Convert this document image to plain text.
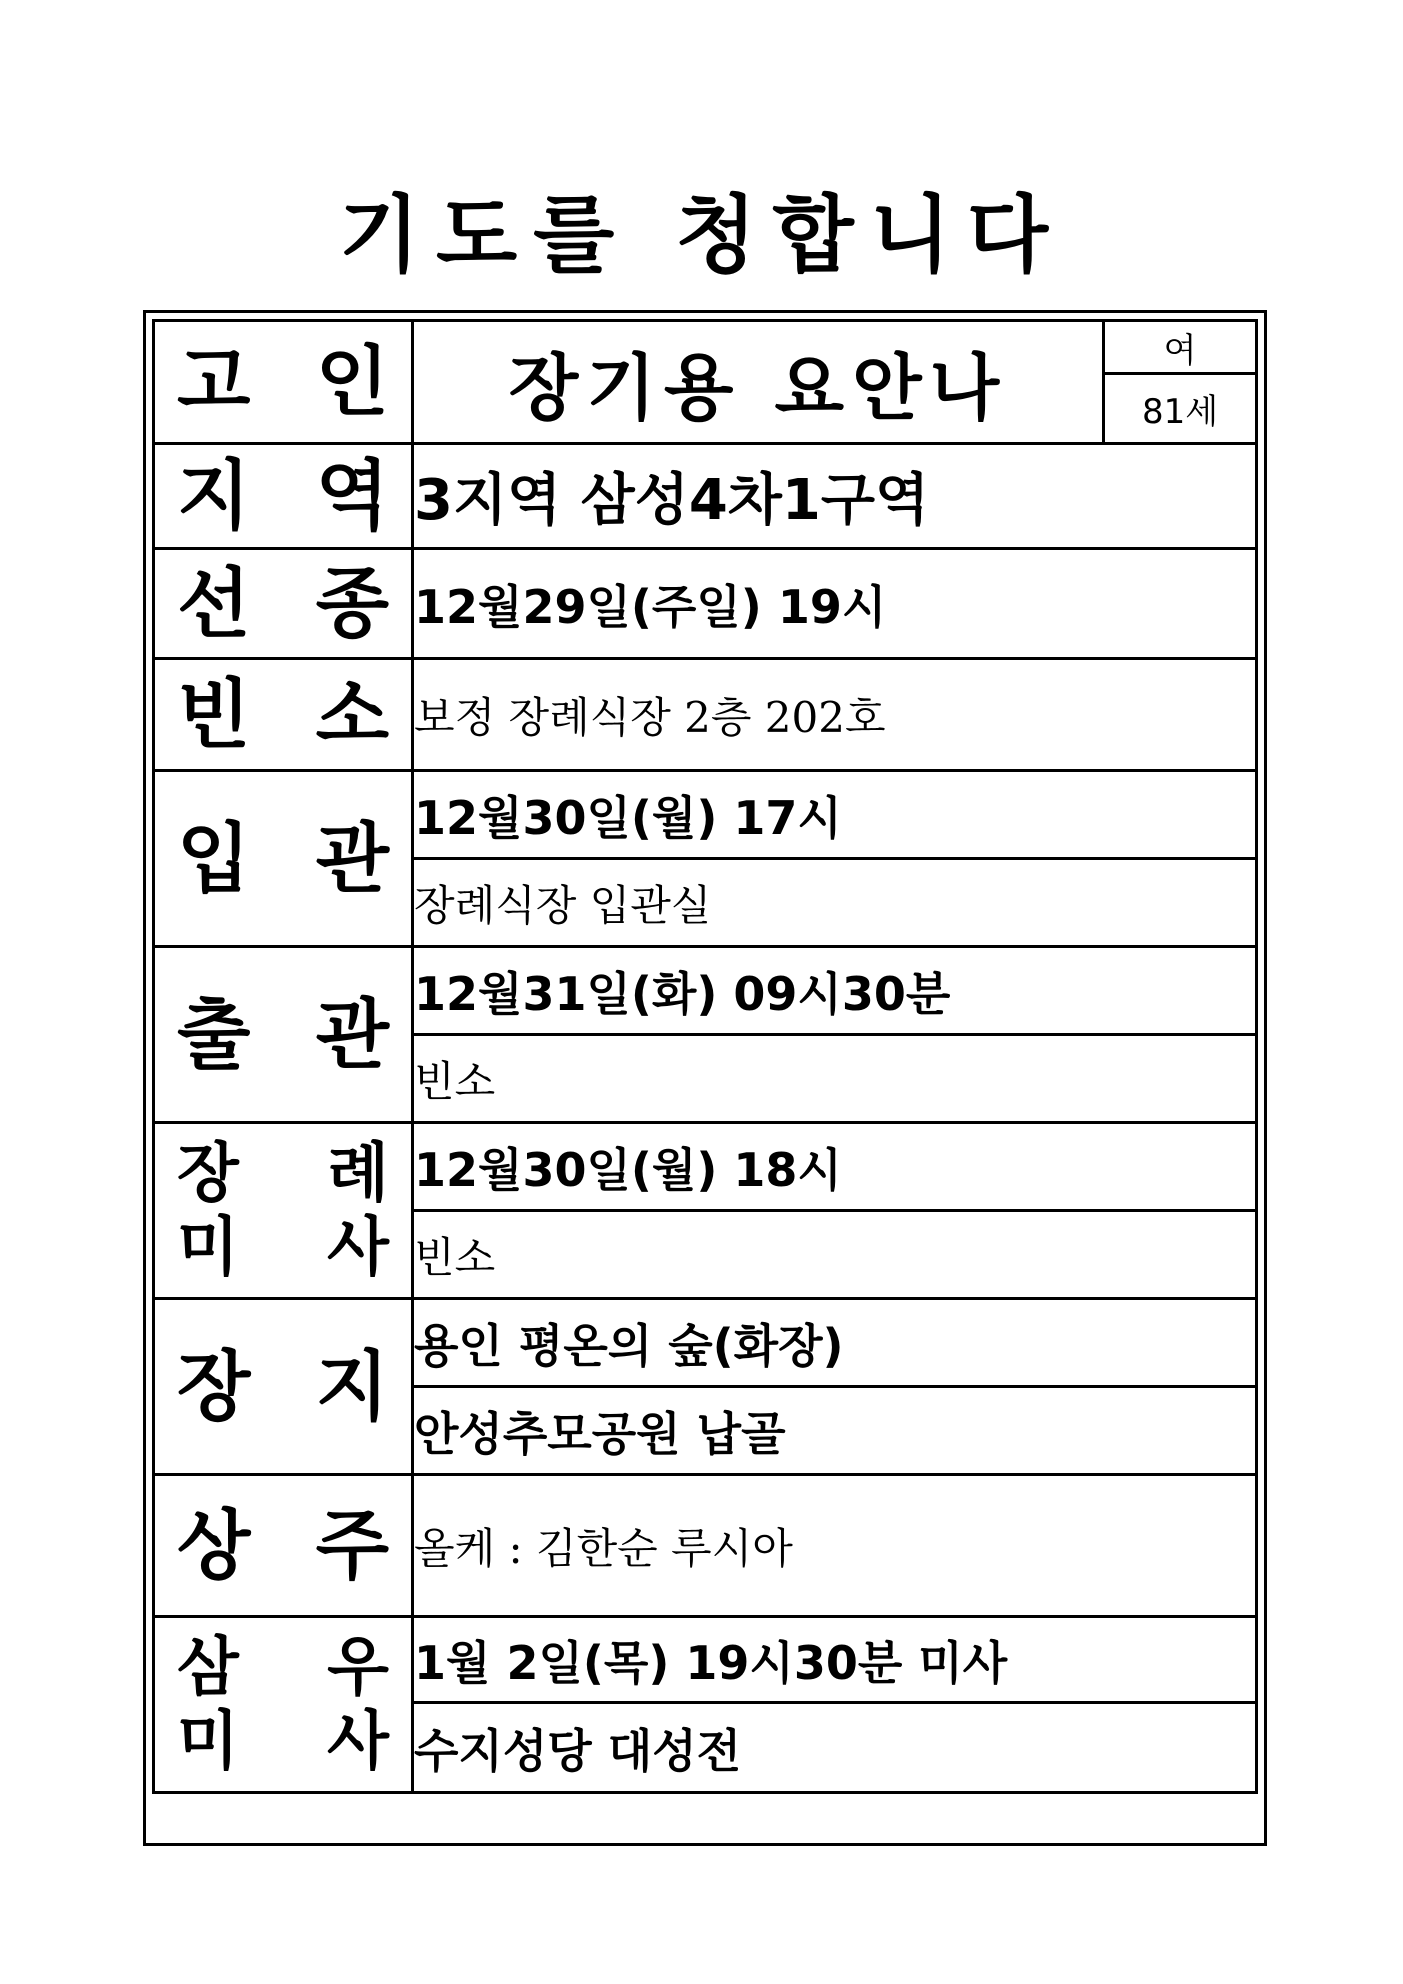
기도를 청합니다
고 인	장기용 요안나	여
		81세

지 역	3지역 삼성4차1구역	

선 종	12월29일(주일) 19시	

빈 소	보정 장례식장 2층 202호	

입 관	12월30일(월) 17시	
	장례식장 입관실	

출 관	12월31일(화) 09시30분	
	빈소	

장 례
미 사	12월30일(월) 18시	
	빈소	

장 지	용인 평온의 숲(화장)	
	안성추모공원 납골	

상 주	올케 : 김한순 루시아	

삼 우
미 사	1월 2일(목) 19시30분 미사	
	수지성당 대성전	
